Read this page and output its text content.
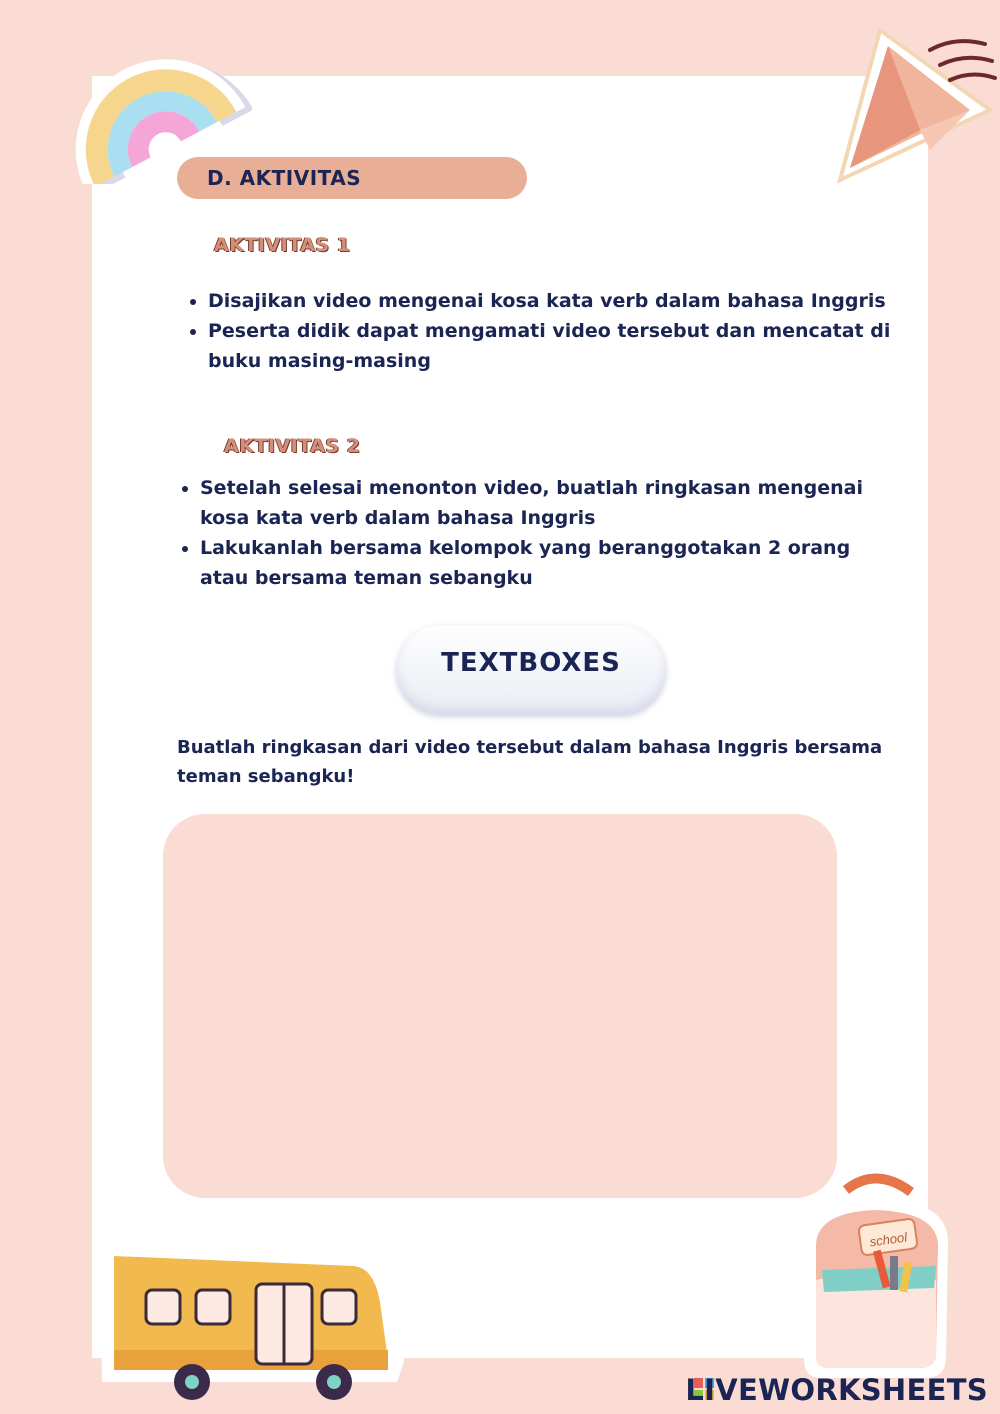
D. AKTIVITAS
AKTIVITAS 1
• Disajikan video mengenai kosa kata verb dalam bahasa Inggris
• Peserta didik dapat mengamati video tersebut dan mencatat di buku masing-masing
AKTIVITAS 2
• Setelah selesai menonton video, buatlah ringkasan mengenai kosa kata verb dalam bahasa Inggris
• Lakukanlah bersama kelompok yang beranggotakan 2 orang atau bersama teman sebangku
TEXTBOXES
Buatlah ringkasan dari video tersebut dalam bahasa Inggris bersama teman sebangku!
school
LIVEWORKSHEETS
